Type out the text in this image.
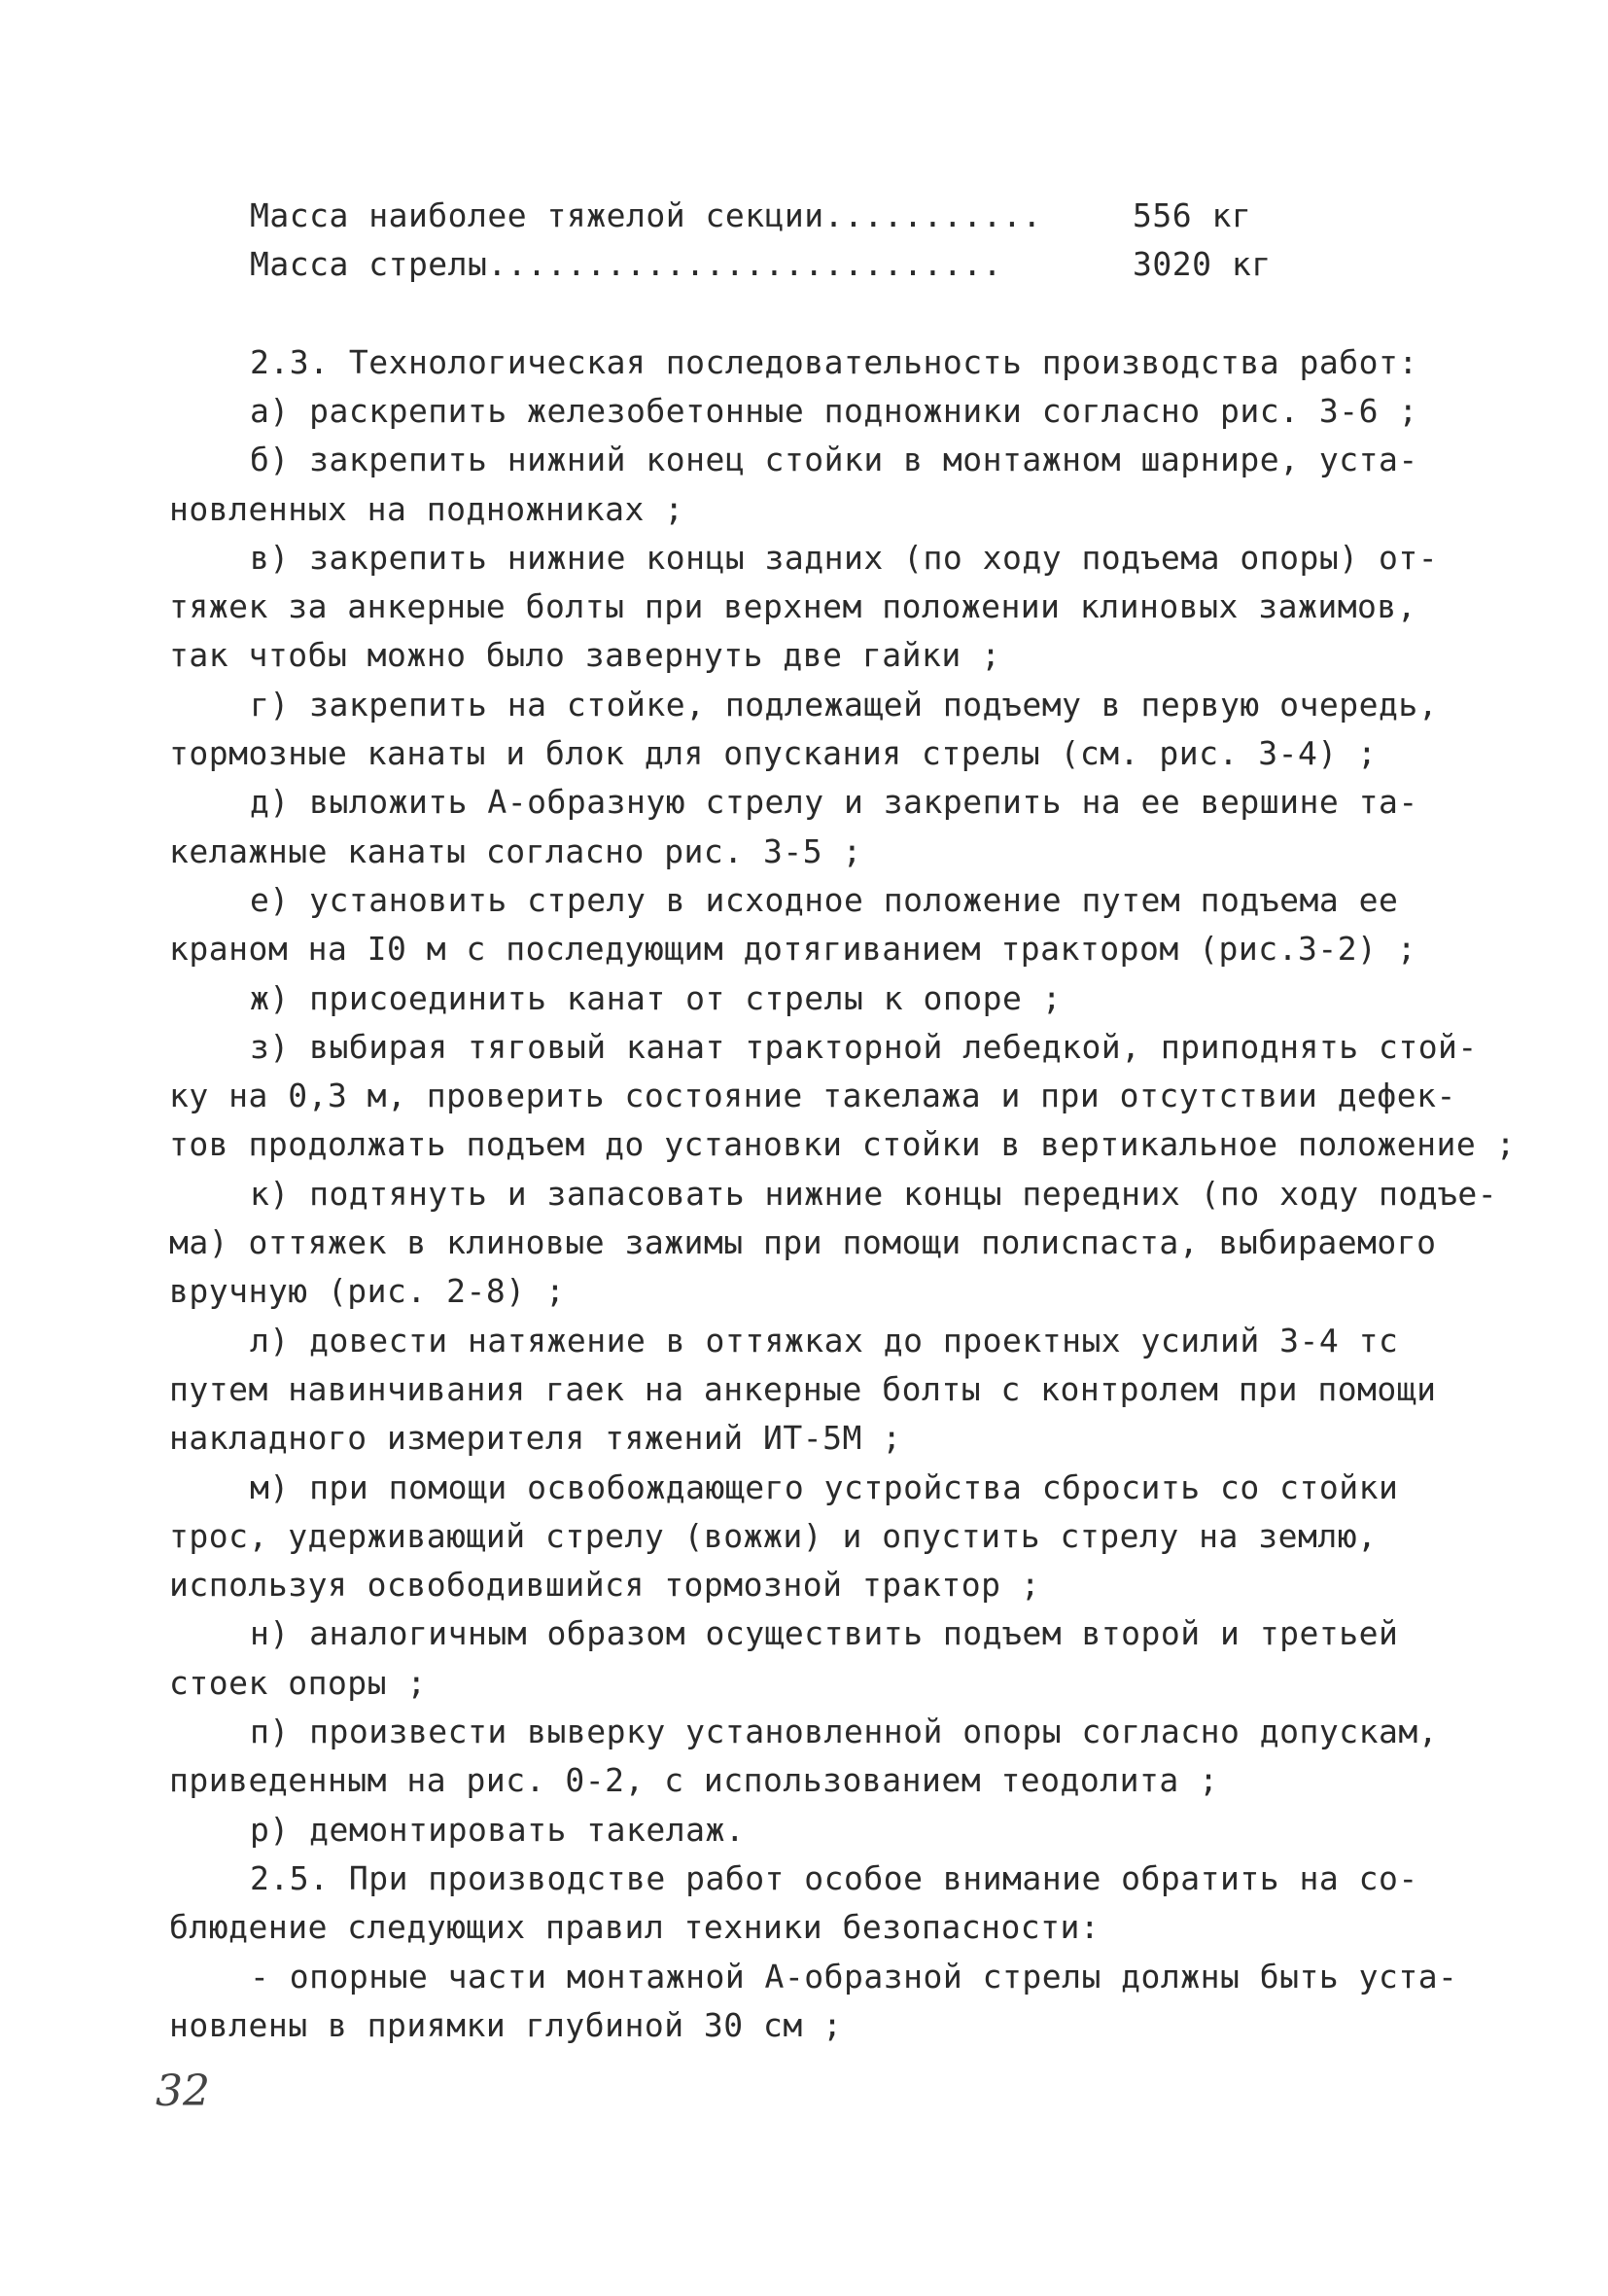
Масса наиболее тяжелой секции...........	556 кг
Масса стрелы..........................	3020 кг
2.3. Технологическая последовательность производства работ:
а) раскрепить железобетонные подножники согласно рис. 3-6 ;
б) закрепить нижний конец стойки в монтажном шарнире, уста-
новленных на подножниках ;
в) закрепить нижние концы задних (по ходу подъема опоры) от-
тяжек за анкерные болты при верхнем положении клиновых зажимов,
так чтобы можно было завернуть две гайки ;
г) закрепить на стойке, подлежащей подъему в первую очередь,
тормозные канаты и блок для опускания стрелы (см. рис. 3-4) ;
д) выложить А-образную стрелу и закрепить на ее вершине та-
келажные канаты согласно рис. 3-5 ;
е) установить стрелу в исходное положение путем подъема ее
краном на I0 м с последующим дотягиванием трактором (рис.3-2) ;
ж) присоединить канат от стрелы к опоре ;
з) выбирая тяговый канат тракторной лебедкой, приподнять стой-
ку на 0,3 м, проверить состояние такелажа и при отсутствии дефек-
тов продолжать подъем до установки стойки в вертикальное положение ;
к) подтянуть и запасовать нижние концы передних (по ходу подъе-
ма) оттяжек в клиновые зажимы при помощи полиспаста, выбираемого
вручную (рис. 2-8) ;
л) довести натяжение в оттяжках до проектных усилий 3-4 тс
путем навинчивания гаек на анкерные болты с контролем при помощи
накладного измерителя тяжений ИТ-5М ;
м) при помощи освобождающего устройства сбросить со стойки
трос, удерживающий стрелу (вожжи) и опустить стрелу на землю,
используя освободившийся тормозной трактор ;
н) аналогичным образом осуществить подъем второй и третьей
стоек опоры ;
п) произвести выверку установленной опоры согласно допускам,
приведенным на рис. 0-2, с использованием теодолита ;
р) демонтировать такелаж.
2.5. При производстве работ особое внимание обратить на со-
блюдение следующих правил техники безопасности:
- опорные части монтажной А-образной стрелы должны быть уста-
новлены в приямки глубиной 30 см ;
32
